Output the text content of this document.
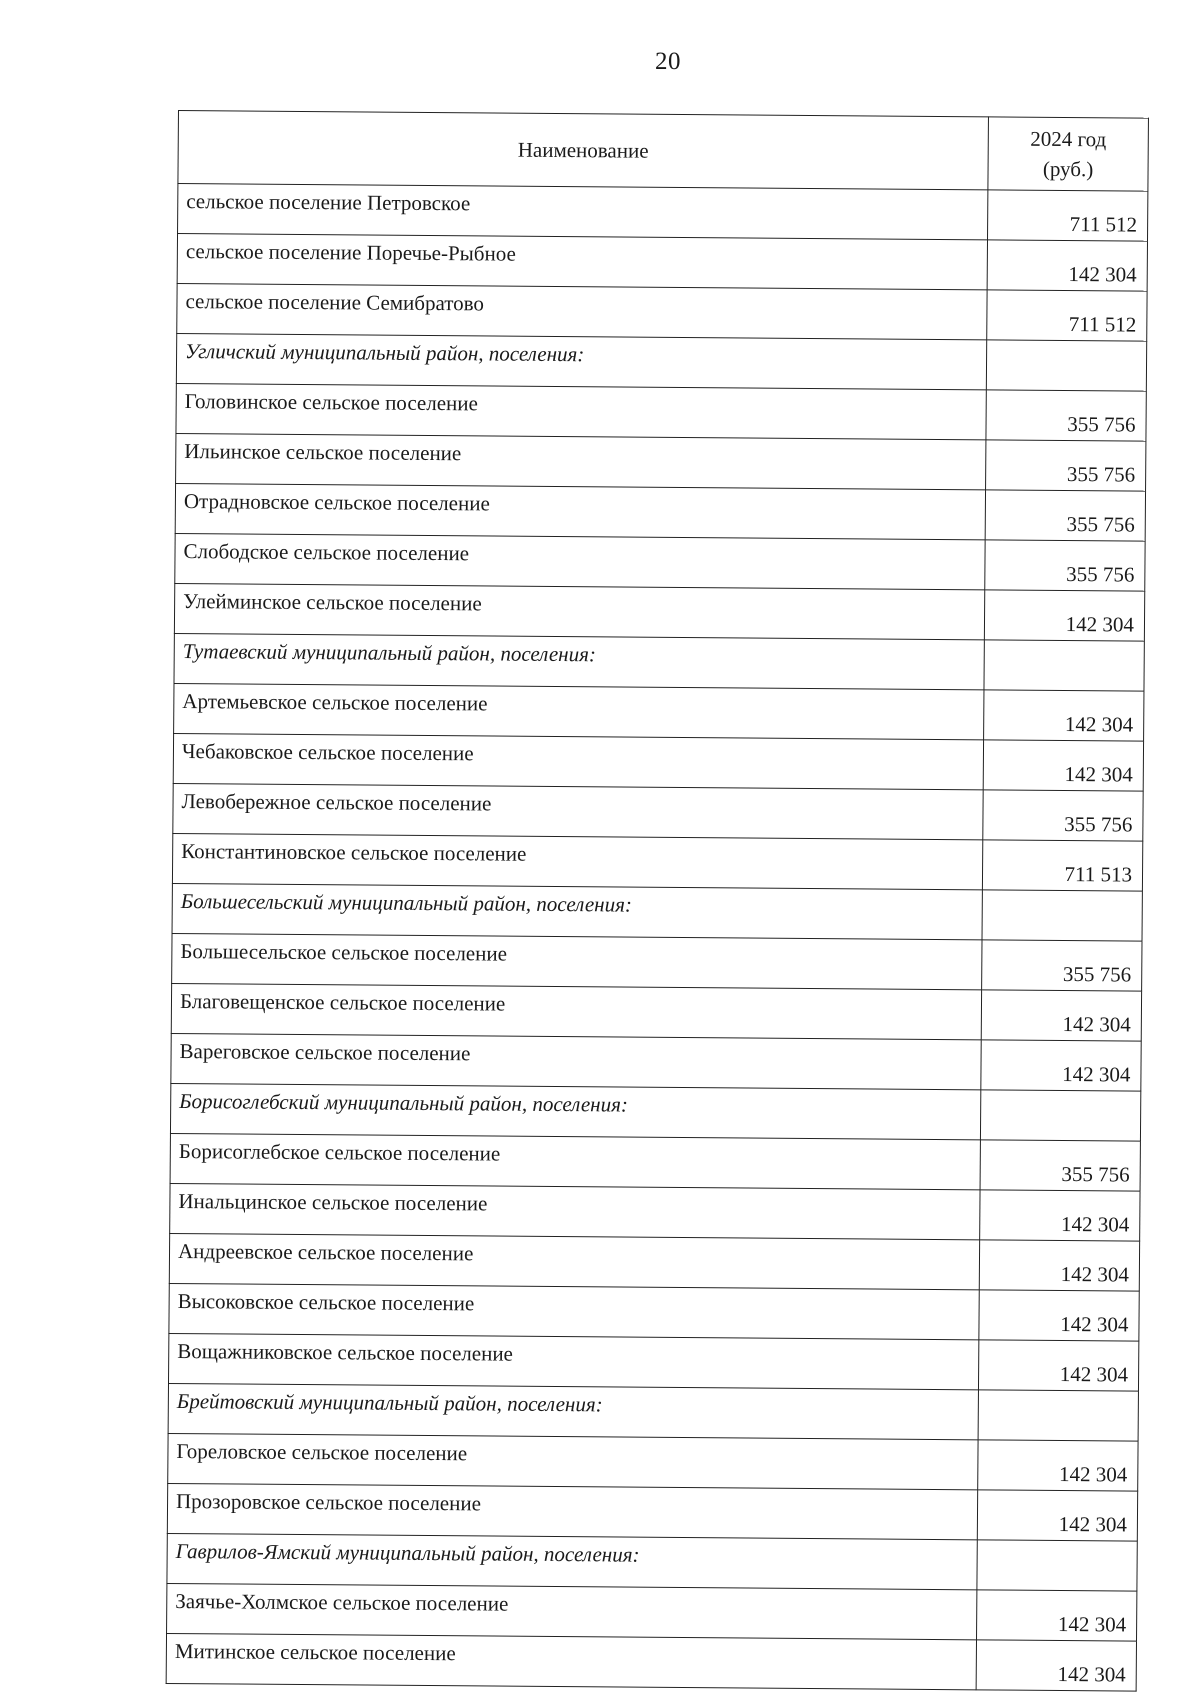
20
Наименование	2024 год
(руб.)

сельское поселение Петровское	711 512
сельское поселение Поречье-Рыбное	142 304
сельское поселение Семибратово	711 512
Угличский муниципальный район, поселения:	
Головинское сельское поселение	355 756
Ильинское сельское поселение	355 756
Отрадновское сельское поселение	355 756
Слободское сельское поселение	355 756
Улейминское сельское поселение	142 304
Тутаевский муниципальный район, поселения:	
Артемьевское сельское поселение	142 304
Чебаковское сельское поселение	142 304
Левобережное сельское поселение	355 756
Константиновское сельское поселение	711 513
Большесельский муниципальный район, поселения:	
Большесельское сельское поселение	355 756
Благовещенское сельское поселение	142 304
Вареговское сельское поселение	142 304
Борисоглебский муниципальный район, поселения:	
Борисоглебское сельское поселение	355 756
Инальцинское сельское поселение	142 304
Андреевское сельское поселение	142 304
Высоковское сельское поселение	142 304
Вощажниковское сельское поселение	142 304
Брейтовский муниципальный район, поселения:	
Гореловское сельское поселение	142 304
Прозоровское сельское поселение	142 304
Гаврилов-Ямский муниципальный район, поселения:	
Заячье-Холмское сельское поселение	142 304
Митинское сельское поселение	142 304
